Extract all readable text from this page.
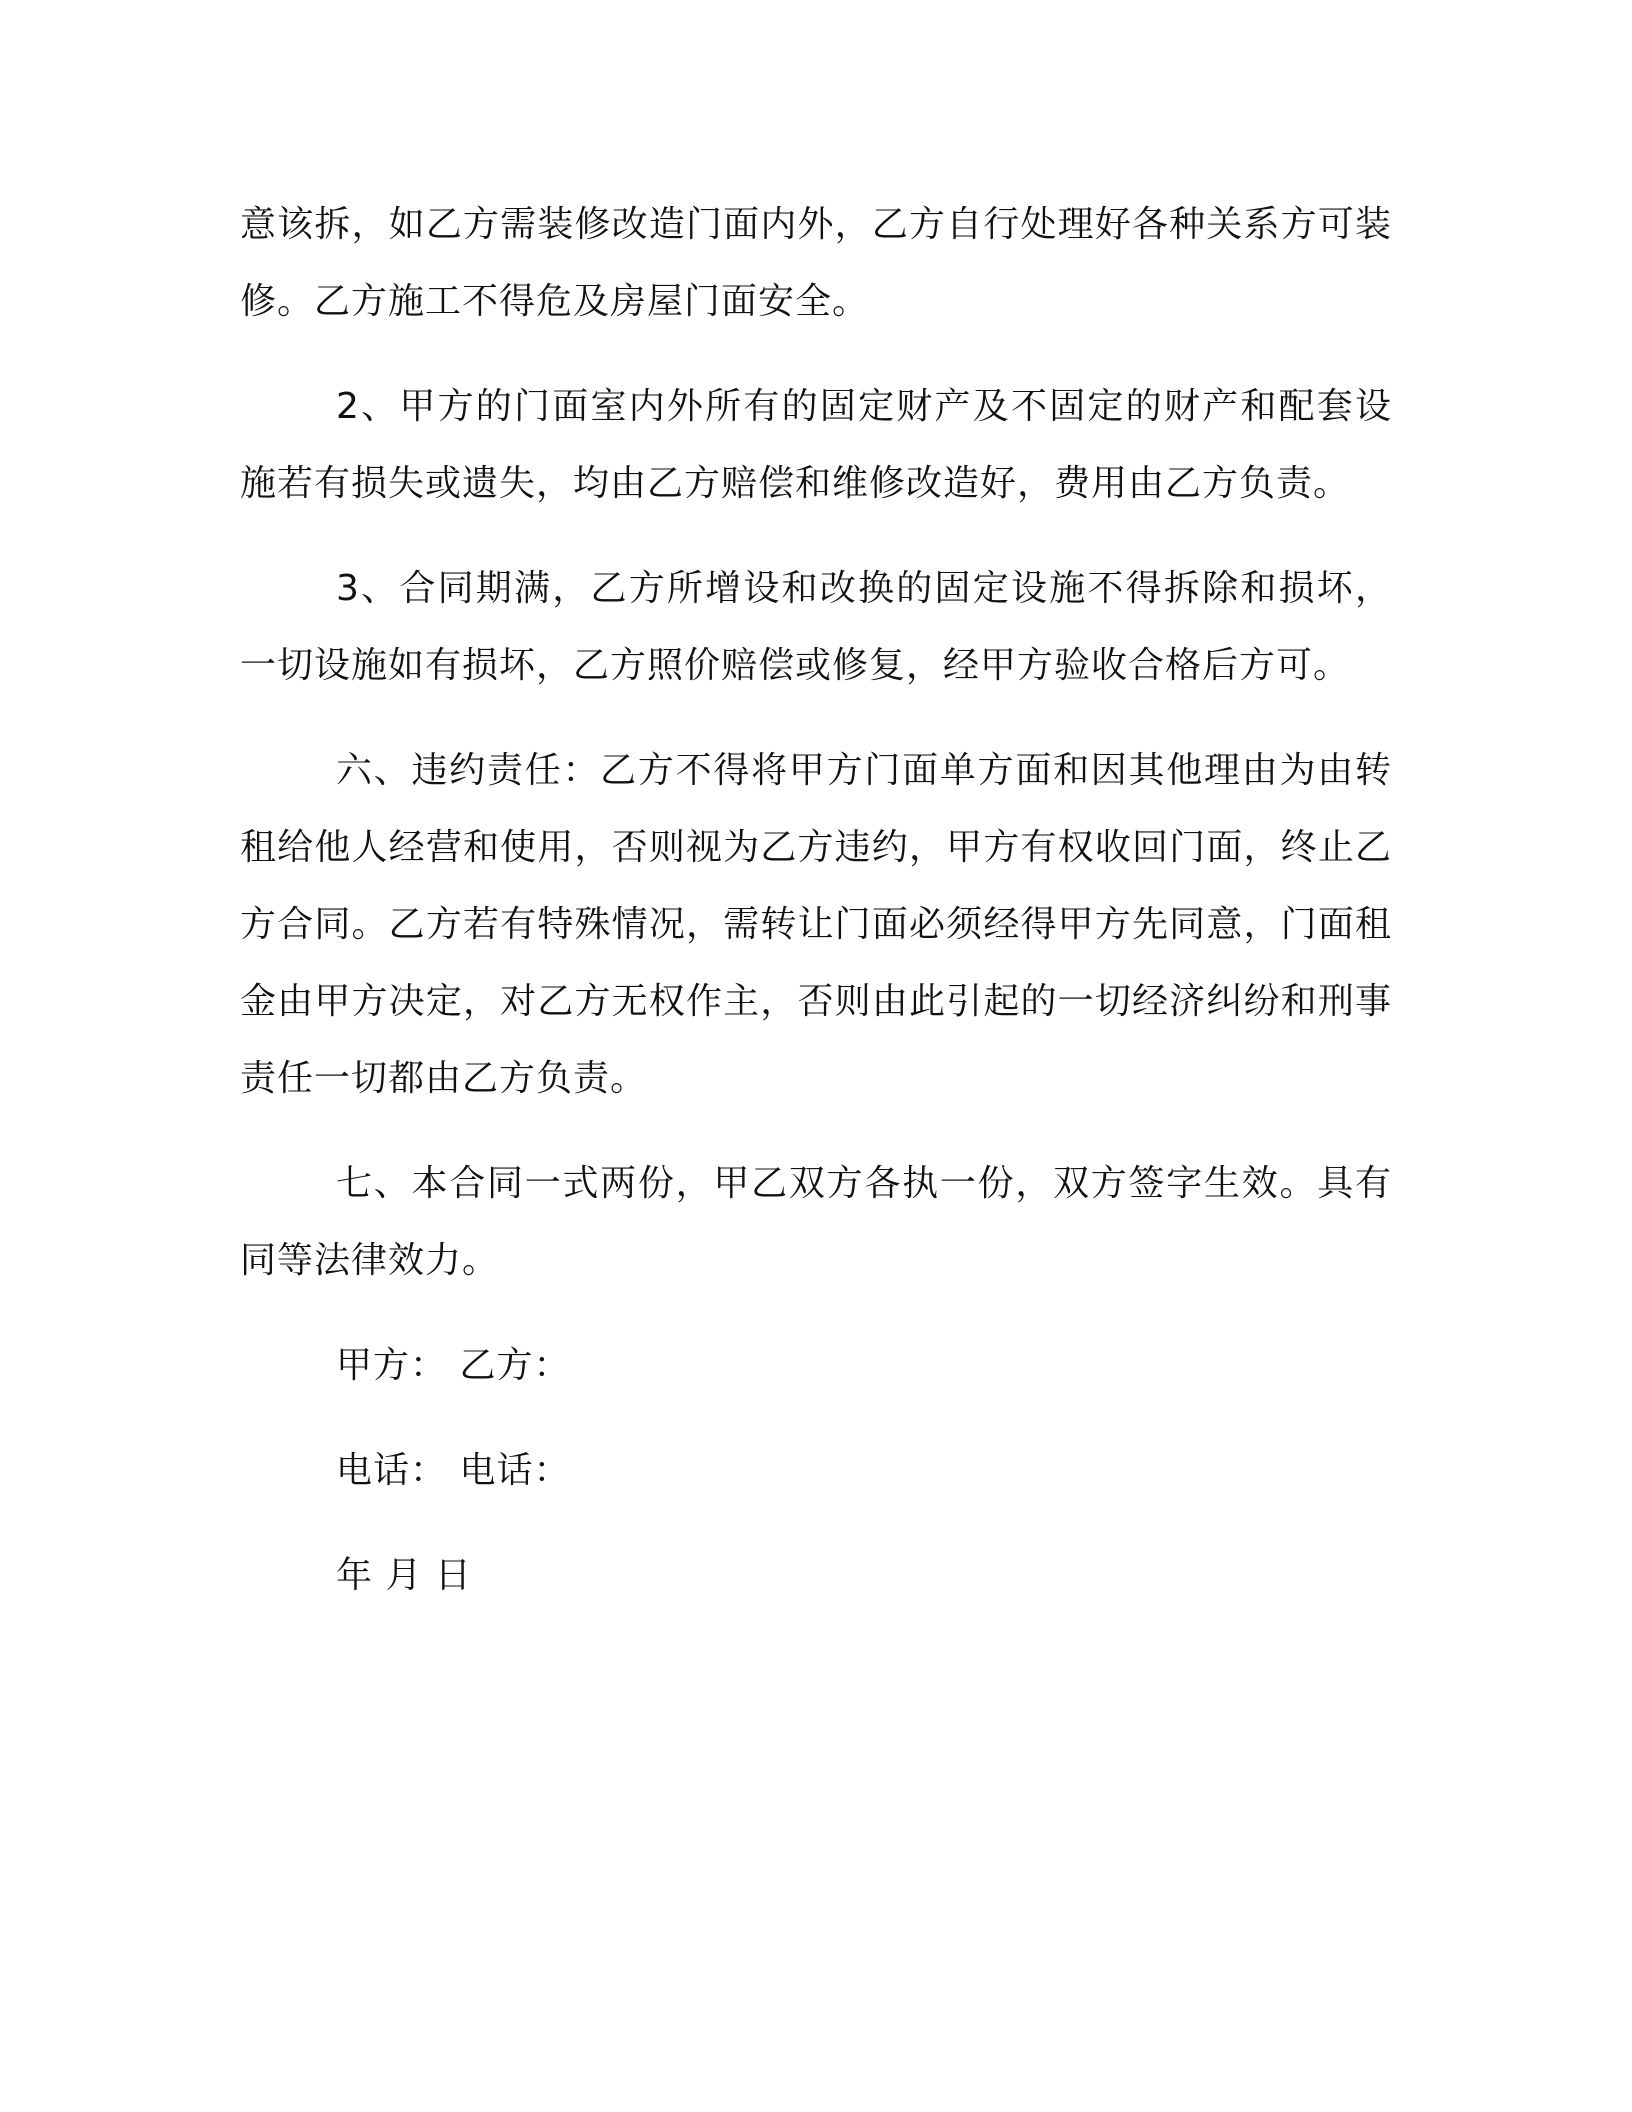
意该拆，如乙方需装修改造门面内外，乙方自行处理好各种关系方可装修。乙方施工不得危及房屋门面安全。

2、甲方的门面室内外所有的固定财产及不固定的财产和配套设施若有损失或遗失，均由乙方赔偿和维修改造好，费用由乙方负责。

3、合同期满，乙方所增设和改换的固定设施不得拆除和损坏，一切设施如有损坏，乙方照价赔偿或修复，经甲方验收合格后方可。

六、违约责任：乙方不得将甲方门面单方面和因其他理由为由转租给他人经营和使用，否则视为乙方违约，甲方有权收回门面，终止乙方合同。乙方若有特殊情况，需转让门面必须经得甲方先同意，门面租金由甲方决定，对乙方无权作主，否则由此引起的一切经济纠纷和刑事责任一切都由乙方负责。

七、本合同一式两份，甲乙双方各执一份，双方签字生效。具有同等法律效力。

甲方： 乙方：

电话： 电话：

年 月 日
